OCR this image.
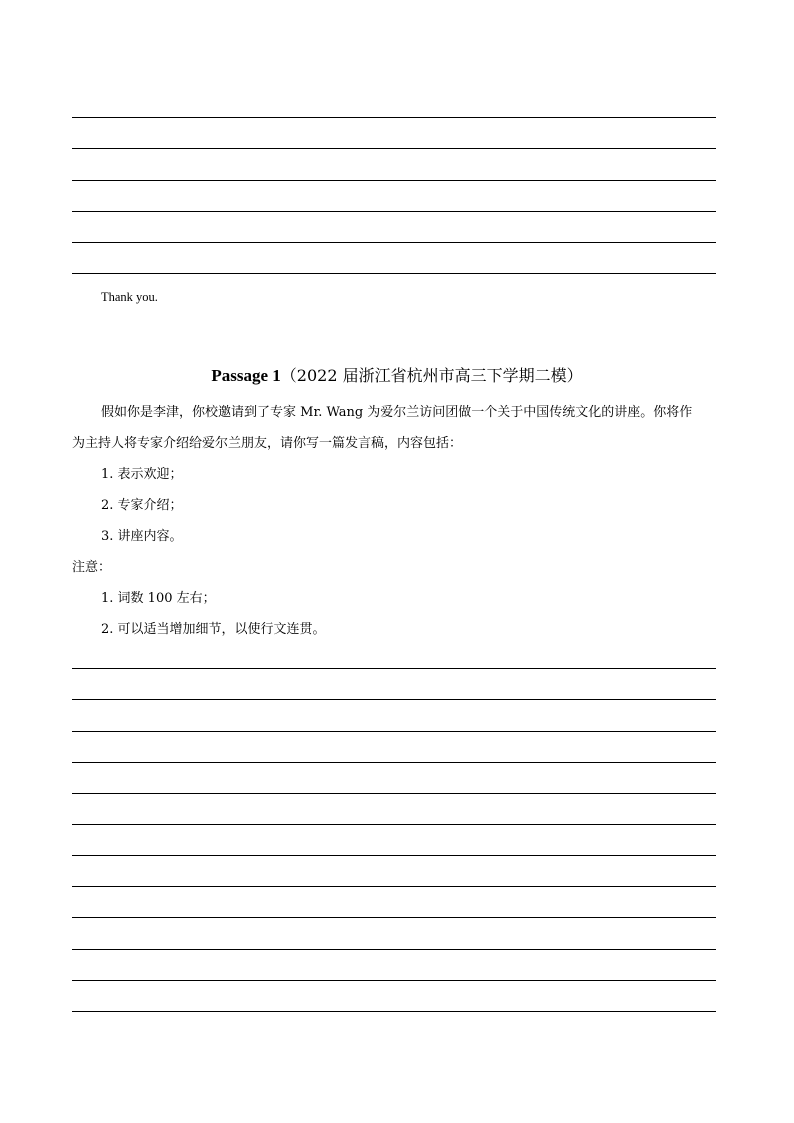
Thank you.
Passage 1（2022 届浙江省杭州市高三下学期二模）
假如你是李津，你校邀请到了专家 Mr. Wang 为爱尔兰访问团做一个关于中国传统文化的讲座。你将作
为主持人将专家介绍给爱尔兰朋友，请你写一篇发言稿，内容包括：
1. 表示欢迎；
2. 专家介绍；
3. 讲座内容。
注意：
1. 词数 100 左右；
2. 可以适当增加细节，以使行文连贯。
